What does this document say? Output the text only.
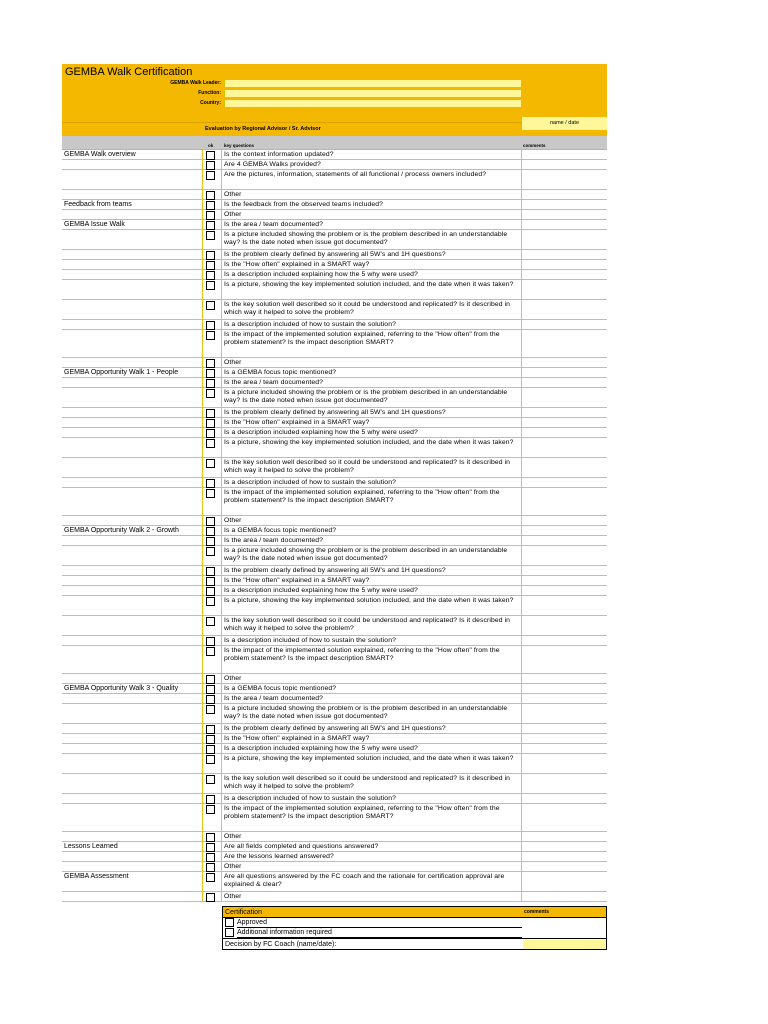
GEMBA Walk Certification
GEMBA Walk Leader:
Function:
Country:
Evaluation by Regional Advisor / Sr. Advisor
name / date
ok key questions	comments
GEMBA Walk overview	Is the context information updated?
Are 4 GEMBA Walks provided?
Are the pictures, information, statements of all functional / process owners included?
Other
Feedback from teams	Is the feedback from the observed teams included?
Other
GEMBA Issue Walk	Is the area / team documented?
Is a picture included showing the problem or is the problem described in an understandable way? Is the date noted when issue got documented?
Is the problem clearly defined by answering all 5W's and 1H questions?
Is the "How often" explained in a SMART way?
Is a description included explaining how the 5 why were used?
Is a picture, showing the key implemented solution included, and the date when it was taken?
Is the key solution well described so it could be understood and replicated? Is it described in which way it helped to solve the problem?
Is a description included of how to sustain the solution?
Is the impact of the implemented solution explained, referring to the "How often" from the problem statement? Is the impact description SMART?
Other
GEMBA Opportunity Walk 1 - People	Is a GEMBA focus topic mentioned?
Is the area / team documented?
Is a picture included showing the problem or is the problem described in an understandable way? Is the date noted when issue got documented?
Is the problem clearly defined by answering all 5W's and 1H questions?
Is the "How often" explained in a SMART way?
Is a description included explaining how the 5 why were used?
Is a picture, showing the key implemented solution included, and the date when it was taken?
Is the key solution well described so it could be understood and replicated? Is it described in which way it helped to solve the problem?
Is a description included of how to sustain the solution?
Is the impact of the implemented solution explained, referring to the "How often" from the problem statement? Is the impact description SMART?
Other
GEMBA Opportunity Walk 2 - Growth	Is a GEMBA focus topic mentioned?
Is the area / team documented?
Is a picture included showing the problem or is the problem described in an understandable way? Is the date noted when issue got documented?
Is the problem clearly defined by answering all 5W's and 1H questions?
Is the "How often" explained in a SMART way?
Is a description included explaining how the 5 why were used?
Is a picture, showing the key implemented solution included, and the date when it was taken?
Is the key solution well described so it could be understood and replicated? Is it described in which way it helped to solve the problem?
Is a description included of how to sustain the solution?
Is the impact of the implemented solution explained, referring to the "How often" from the problem statement? Is the impact description SMART?
Other
GEMBA Opportunity Walk 3 - Quality	Is a GEMBA focus topic mentioned?
Is the area / team documented?
Is a picture included showing the problem or is the problem described in an understandable way? Is the date noted when issue got documented?
Is the problem clearly defined by answering all 5W's and 1H questions?
Is the "How often" explained in a SMART way?
Is a description included explaining how the 5 why were used?
Is a picture, showing the key implemented solution included, and the date when it was taken?
Is the key solution well described so it could be understood and replicated? Is it described in which way it helped to solve the problem?
Is a description included of how to sustain the solution?
Is the impact of the implemented solution explained, referring to the "How often" from the problem statement? Is the impact description SMART?
Other
Lessons Learned	Are all fields completed and questions answered?
Are the lessons learned answered?
Other
GEMBA Assessment	Are all questions answered by the FC coach and the rationale for certification approval are explained & clear?
Other
Certification	comments
Approved
Additional information required
Decision by FC Coach (name/date):
